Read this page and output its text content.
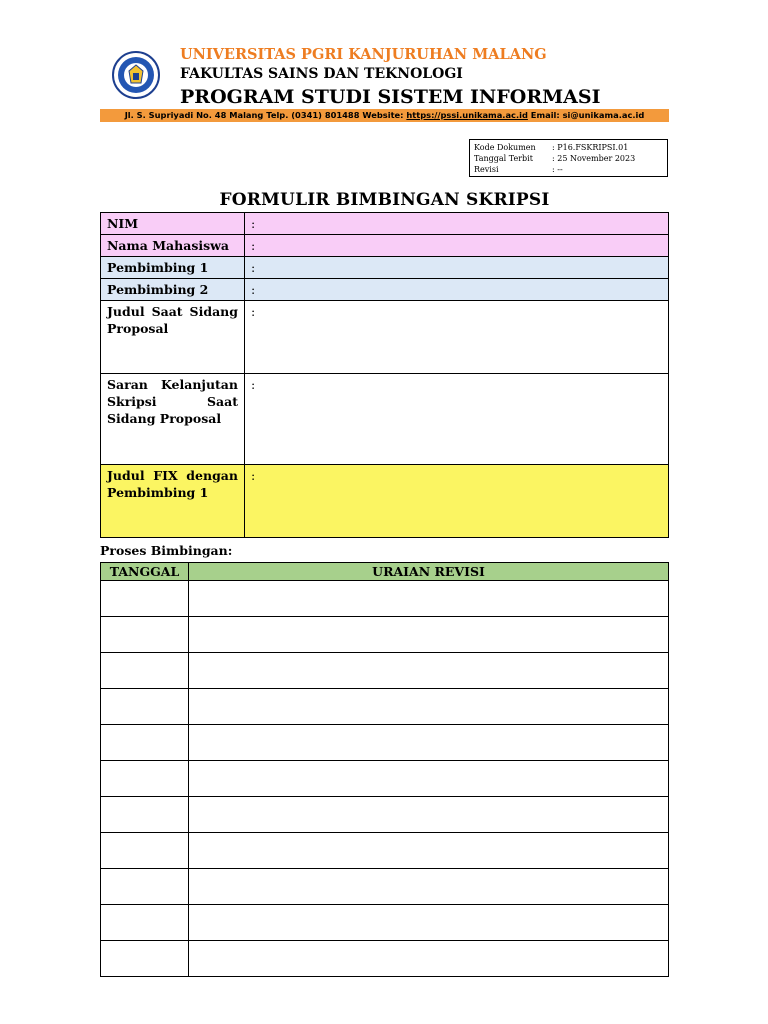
UNIVERSITAS PGRI KANJURUHAN MALANG
FAKULTAS SAINS DAN TEKNOLOGI
PROGRAM STUDI SISTEM INFORMASI
Jl. S. Supriyadi No. 48 Malang Telp. (0341) 801488 Website: https://pssi.unikama.ac.id Email: si@unikama.ac.id
Kode Dokumen	: P16.FSKRIPSI.01
Tanggal Terbit	: 25 November 2023
Revisi	: --
FORMULIR BIMBINGAN SKRIPSI
NIM	:
Nama Mahasiswa	:
Pembimbing 1	:
Pembimbing 2	:
Judul Saat Sidang Proposal	:
Saran Kelanjutan Skripsi Saat Sidang Proposal	:
Judul FIX dengan Pembimbing 1	:
Proses Bimbingan:
TANGGAL	URAIAN REVISI
